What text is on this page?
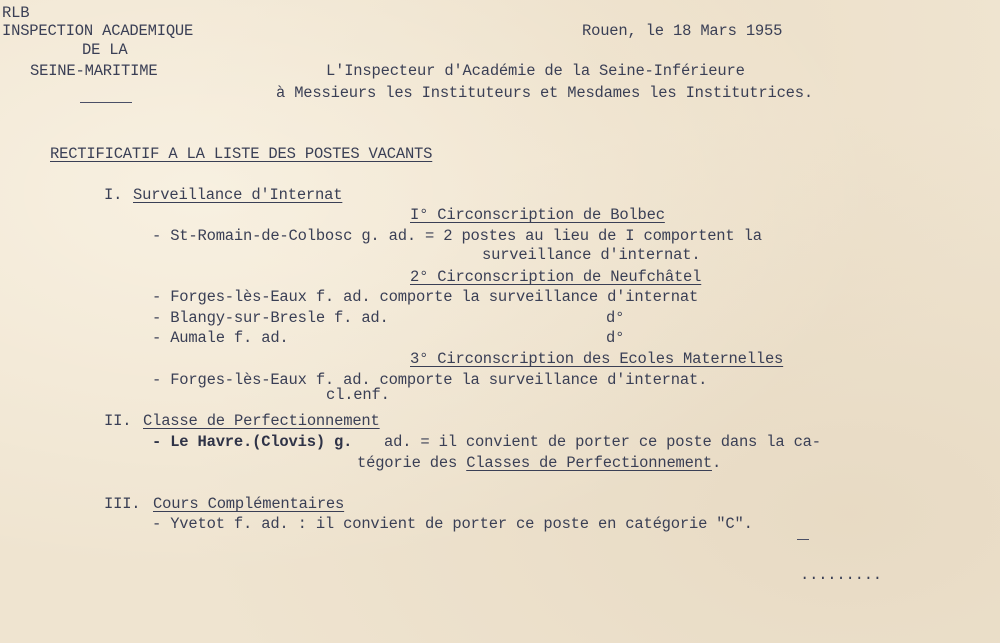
RLB
INSPECTION ACADEMIQUE
DE LA
SEINE-MARITIME
Rouen, le 18 Mars 1955
L'Inspecteur d'Académie de la Seine-Inférieure
à Messieurs les Instituteurs et Mesdames les Institutrices.
RECTIFICATIF A LA LISTE DES POSTES VACANTS
I. Surveillance d'Internat
I° Circonscription de Bolbec
- St-Romain-de-Colbosc g. ad. = 2 postes au lieu de I comportent la
surveillance d'internat.
2° Circonscription de Neufchâtel
- Forges-lès-Eaux f. ad. comporte la surveillance d'internat
- Blangy-sur-Bresle f. ad.	d°
- Aumale f. ad.	d°
3° Circonscription des Ecoles Maternelles
- Forges-lès-Eaux f. ad. comporte la surveillance d'internat.
cl.enf.
II. Classe de Perfectionnement
- Le Havre.(Clovis) g. ad. = il convient de porter ce poste dans la ca-
tégorie des Classes de Perfectionnement.
III. Cours Complémentaires
- Yvetot f. ad. : il convient de porter ce poste en catégorie "C".
.........
